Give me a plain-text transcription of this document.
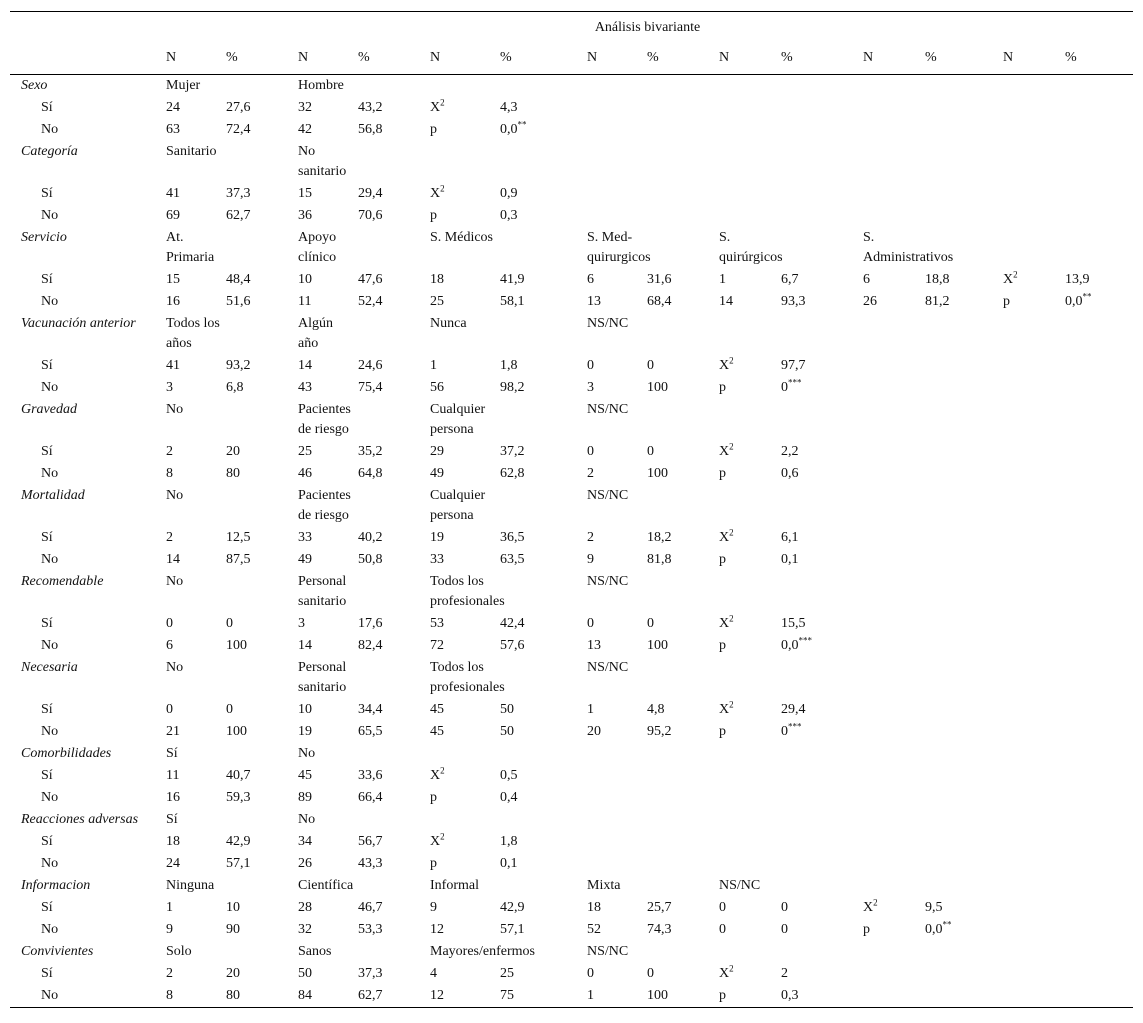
	Análisis bivariante													
	N	%	N	%	N	%	N	%	N	%	N	%	N	%
Sexo	Mujer		Hombre											
Sí	24	27,6	32	43,2	$X^2$	4,3								
No	63	72,4	42	56,8	p	0,0**								
Categoría	Sanitario		No sanitario											
Sí	41	37,3	15	29,4	$X^2$	0,9								
No	69	62,7	36	70,6	p	0,3								
Servicio	At. Primaria		Apoyo clínico		S. Médicos		S. Med-quirurgicos		S. quirúrgicos		S. Administrativos			
Sí	15	48,4	10	47,6	18	41,9	6	31,6	1	6,7	6	18,8	$X^2$	13,9
No	16	51,6	11	52,4	25	58,1	13	68,4	14	93,3	26	81,2	p	0,0**
Vacunación anterior	Todos los años		Algún año		Nunca		NS/NC							
Sí	41	93,2	14	24,6	1	1,8	0	0	$X^2$	97,7				
No	3	6,8	43	75,4	56	98,2	3	100	p	0***				
Gravedad	No		Pacientes de riesgo		Cualquier persona		NS/NC							
Sí	2	20	25	35,2	29	37,2	0	0	$X^2$	2,2				
No	8	80	46	64,8	49	62,8	2	100	p	0,6				
Mortalidad	No		Pacientes de riesgo		Cualquier persona		NS/NC							
Sí	2	12,5	33	40,2	19	36,5	2	18,2	$X^2$	6,1				
No	14	87,5	49	50,8	33	63,5	9	81,8	p	0,1				
Recomendable	No		Personal sanitario		Todos los profesionales		NS/NC							
Sí	0	0	3	17,6	53	42,4	0	0	$X^2$	15,5				
No	6	100	14	82,4	72	57,6	13	100	p	0,0***				
Necesaria	No		Personal sanitario		Todos los profesionales		NS/NC							
Sí	0	0	10	34,4	45	50	1	4,8	$X^2$	29,4				
No	21	100	19	65,5	45	50	20	95,2	p	0***				
Comorbilidades	Sí		No											
Sí	11	40,7	45	33,6	$X^2$	0,5								
No	16	59,3	89	66,4	p	0,4								
Reacciones adversas	Sí		No											
Sí	18	42,9	34	56,7	$X^2$	1,8								
No	24	57,1	26	43,3	p	0,1								
Informacion	Ninguna		Científica		Informal		Mixta		NS/NC					
Sí	1	10	28	46,7	9	42,9	18	25,7	0	0	$X^2$	9,5		
No	9	90	32	53,3	12	57,1	52	74,3	0	0	p	0,0**		
Convivientes	Solo		Sanos		Mayores/enfermos		NS/NC							
Sí	2	20	50	37,3	4	25	0	0	$X^2$	2				
No	8	80	84	62,7	12	75	1	100	p	0,3				
